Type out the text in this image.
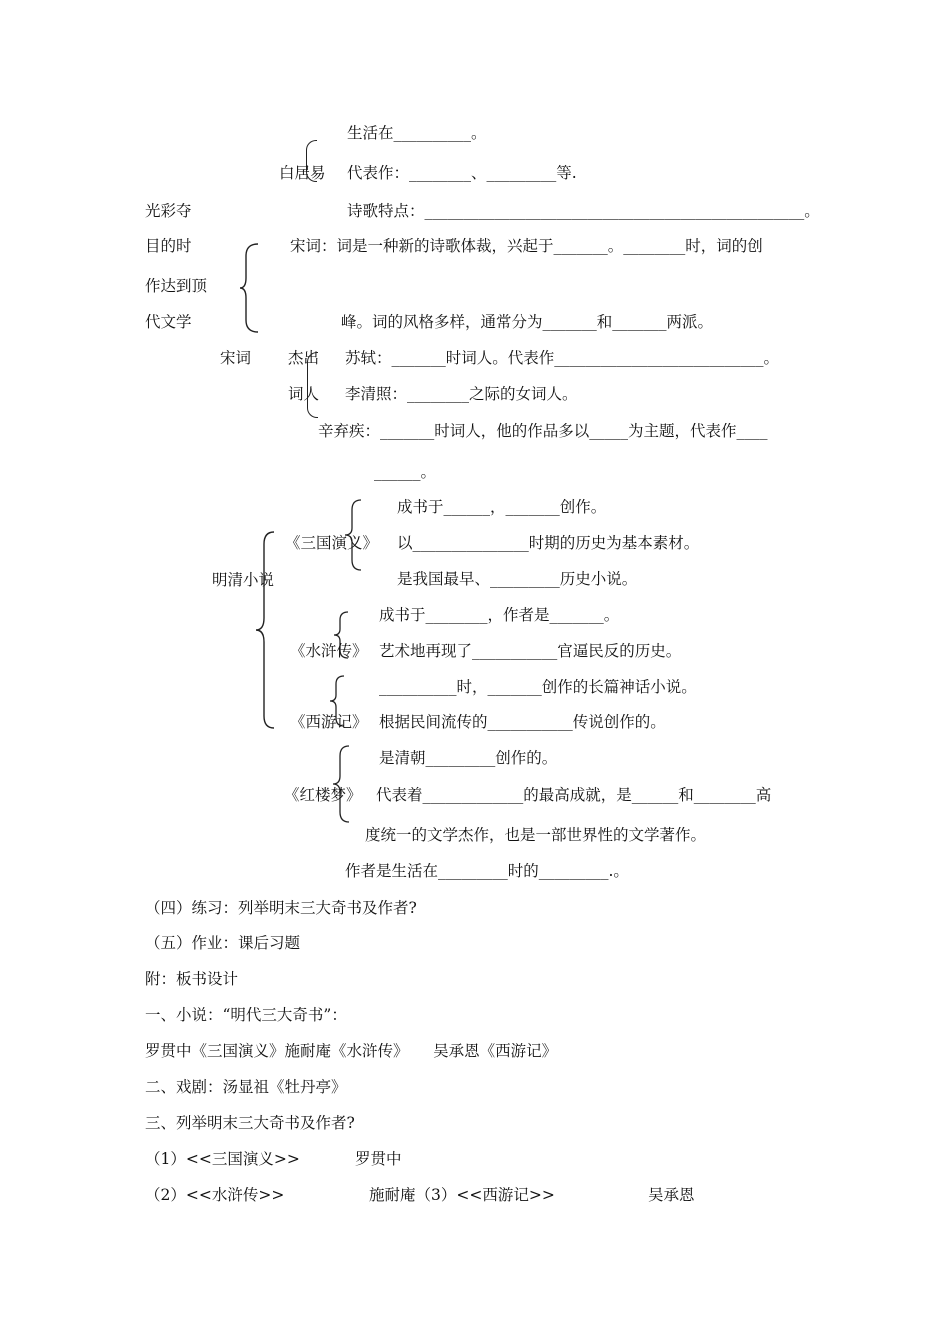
生活在__________。
白居易 代表作：________、_________等.
光彩夺	诗歌特点：_________________________________________________。
目的时	宋词：词是一种新的诗歌体裁，兴起于_______。________时，词的创
作达到顶
代文学	峰。词的风格多样，通常分为_______和_______两派。
宋词 杰出 苏轼：_______时词人。代表作___________________________。
词人 李清照：________之际的女词人。
辛弃疾：_______时词人，他的作品多以_____为主题，代表作____
______。
明清小说
成书于______，_______创作。
《三国演义》 以_______________时期的历史为基本素材。
是我国最早、_________历史小说。
成书于________，作者是_______。
《水浒传》 艺术地再现了___________官逼民反的历史。
__________时，_______创作的长篇神话小说。
《西游记》 根据民间流传的___________传说创作的。
是清朝_________创作的。
《红楼梦》 代表着_____________的最高成就，是______和________高
度统一的文学杰作，也是一部世界性的文学著作。
作者是生活在_________时的_________.。
（四）练习：列举明末三大奇书及作者?
（五）作业：课后习题
附：板书设计
一、小说：“明代三大奇书”：
罗贯中《三国演义》施耐庵《水浒传》     吴承恩《西游记》
二、戏剧：汤显祖《牡丹亭》
三、列举明末三大奇书及作者?
（1）<<三国演义>>	罗贯中
（2）<<水浒传>>	施耐庵（3）<<西游记>>	吴承恩
